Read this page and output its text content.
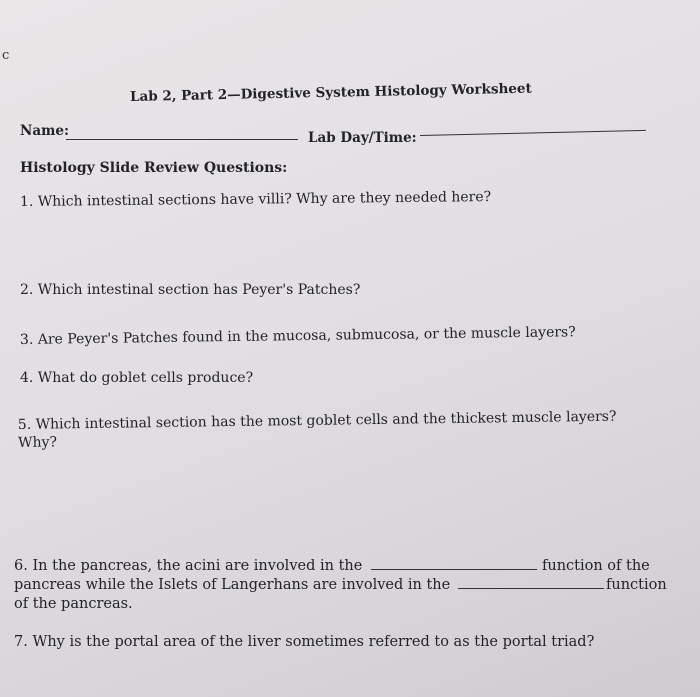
c
Lab 2, Part 2—Digestive System Histology Worksheet
Name:	Lab Day/Time:
Histology Slide Review Questions:
1. Which intestinal sections have villi? Why are they needed here?
2. Which intestinal section has Peyer's Patches?
3. Are Peyer's Patches found in the mucosa, submucosa, or the muscle layers?
4. What do goblet cells produce?
5. Which intestinal section has the most goblet cells and the thickest muscle layers?
Why?
6. In the pancreas, the acini are involved in the	function of the
pancreas while the Islets of Langerhans are involved in the	function
of the pancreas.
7. Why is the portal area of the liver sometimes referred to as the portal triad?
